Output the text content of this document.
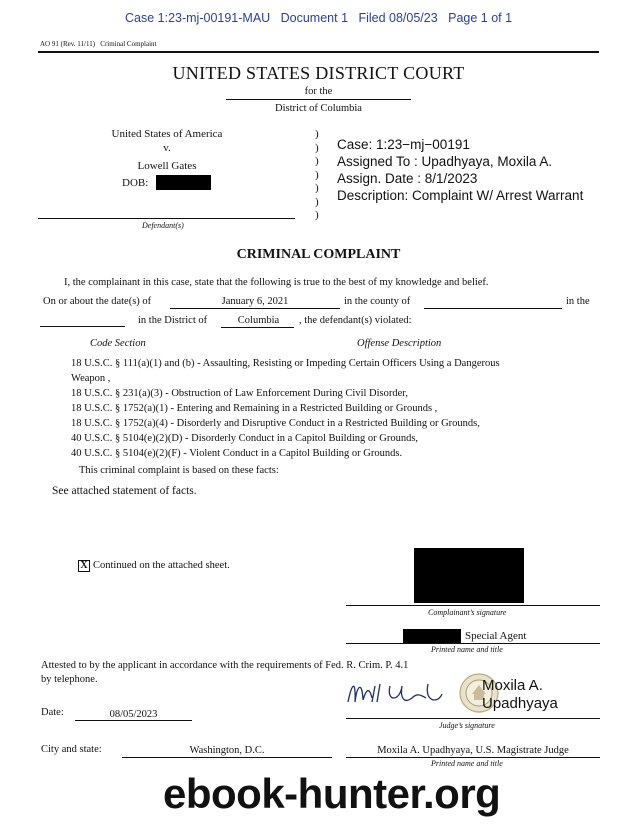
Case 1:23-mj-00191-MAU Document 1 Filed 08/05/23 Page 1 of 1
AO 91 (Rev. 11/11)   Criminal Complaint
UNITED STATES DISTRICT COURT
for the
District of Columbia
United States of America
v.
Lowell Gates
DOB:
Defendant(s)
)
)
)
)
)
)
)
Case: 1:23−mj−00191
Assigned To : Upadhyaya, Moxila A.
Assign. Date : 8/1/2023
Description: Complaint W/ Arrest Warrant
CRIMINAL COMPLAINT
I, the complainant in this case, state that the following is true to the best of my knowledge and belief.
On or about the date(s) of	January 6, 2021	in the county of	in the
in the District of	Columbia	, the defendant(s) violated:
Code Section	Offense Description
18 U.S.C. § 111(a)(1) and (b) - Assaulting, Resisting or Impeding Certain Officers Using a Dangerous
Weapon ,
18 U.S.C. § 231(a)(3) - Obstruction of Law Enforcement During Civil Disorder,
18 U.S.C. § 1752(a)(1) - Entering and Remaining in a Restricted Building or Grounds ,
18 U.S.C. § 1752(a)(4) - Disorderly and Disruptive Conduct in a Restricted Building or Grounds,
40 U.S.C. § 5104(e)(2)(D) - Disorderly Conduct in a Capitol Building or Grounds,
40 U.S.C. § 5104(e)(2)(F) - Violent Conduct in a Capitol Building or Grounds.
This criminal complaint is based on these facts:
See attached statement of facts.
X Continued on the attached sheet.
Complainant’s signature
Special Agent
Printed name and title
Attested to by the applicant in accordance with the requirements of Fed. R. Crim. P. 4.1
by telephone.	Moxila A.
Upadhyaya
Judge’s signature
Date:	08/05/2023
City and state:	Washington, D.C.	Moxila A. Upadhyaya, U.S. Magistrate Judge
Printed name and title
ebook-hunter.org
